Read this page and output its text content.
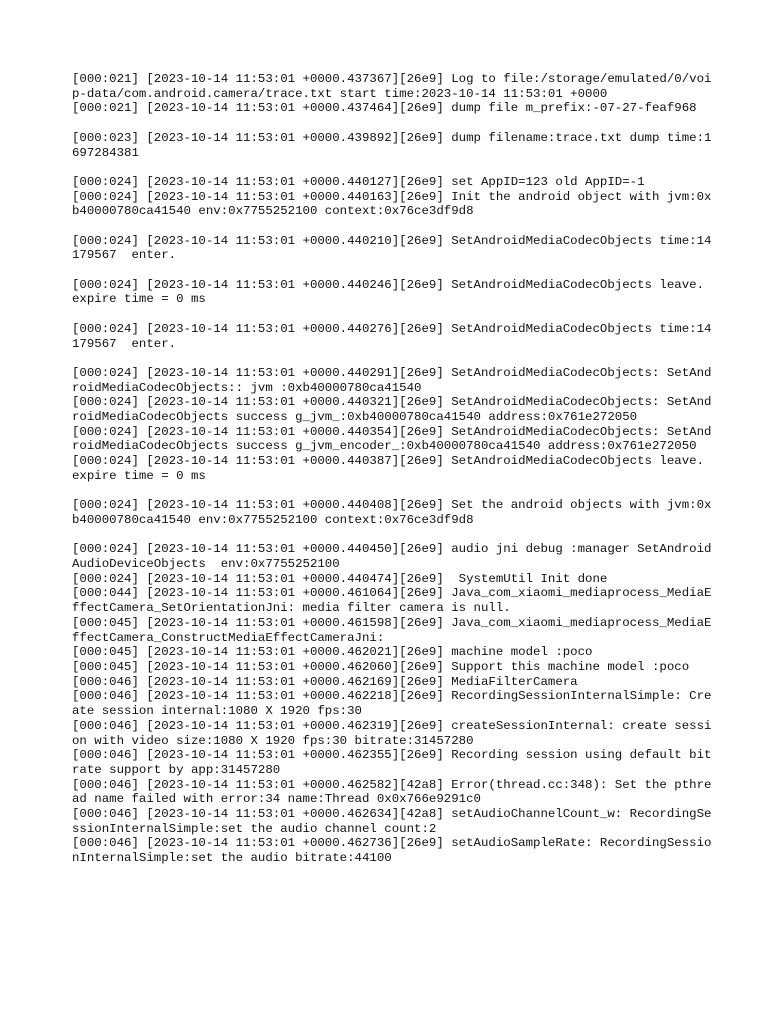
[000:021] [2023-10-14 11:53:01 +0000.437367][26e9] Log to file:/storage/emulated/0/voip-data/com.android.camera/trace.txt start time:2023-10-14 11:53:01 +0000
[000:021] [2023-10-14 11:53:01 +0000.437464][26e9] dump file m_prefix:-07-27-feaf968
[000:023] [2023-10-14 11:53:01 +0000.439892][26e9] dump filename:trace.txt dump time:1697284381
[000:024] [2023-10-14 11:53:01 +0000.440127][26e9] set AppID=123 old AppID=-1
[000:024] [2023-10-14 11:53:01 +0000.440163][26e9] Init the android object with jvm:0xb40000780ca41540 env:0x7755252100 context:0x76ce3df9d8
[000:024] [2023-10-14 11:53:01 +0000.440210][26e9] SetAndroidMediaCodecObjects time:14179567  enter.
[000:024] [2023-10-14 11:53:01 +0000.440246][26e9] SetAndroidMediaCodecObjects leave. expire time = 0 ms
[000:024] [2023-10-14 11:53:01 +0000.440276][26e9] SetAndroidMediaCodecObjects time:14179567  enter.
[000:024] [2023-10-14 11:53:01 +0000.440291][26e9] SetAndroidMediaCodecObjects: SetAndroidMediaCodecObjects:: jvm :0xb40000780ca41540
[000:024] [2023-10-14 11:53:01 +0000.440321][26e9] SetAndroidMediaCodecObjects: SetAndroidMediaCodecObjects success g_jvm_:0xb40000780ca41540 address:0x761e272050
[000:024] [2023-10-14 11:53:01 +0000.440354][26e9] SetAndroidMediaCodecObjects: SetAndroidMediaCodecObjects success g_jvm_encoder_:0xb40000780ca41540 address:0x761e272050
[000:024] [2023-10-14 11:53:01 +0000.440387][26e9] SetAndroidMediaCodecObjects leave. expire time = 0 ms
[000:024] [2023-10-14 11:53:01 +0000.440408][26e9] Set the android objects with jvm:0xb40000780ca41540 env:0x7755252100 context:0x76ce3df9d8
[000:024] [2023-10-14 11:53:01 +0000.440450][26e9] audio jni debug :manager SetAndroidAudioDeviceObjects  env:0x7755252100
[000:024] [2023-10-14 11:53:01 +0000.440474][26e9]  SystemUtil Init done
[000:044] [2023-10-14 11:53:01 +0000.461064][26e9] Java_com_xiaomi_mediaprocess_MediaEffectCamera_SetOrientationJni: media filter camera is null.
[000:045] [2023-10-14 11:53:01 +0000.461598][26e9] Java_com_xiaomi_mediaprocess_MediaEffectCamera_ConstructMediaEffectCameraJni:
[000:045] [2023-10-14 11:53:01 +0000.462021][26e9] machine model :poco
[000:045] [2023-10-14 11:53:01 +0000.462060][26e9] Support this machine model :poco
[000:046] [2023-10-14 11:53:01 +0000.462169][26e9] MediaFilterCamera
[000:046] [2023-10-14 11:53:01 +0000.462218][26e9] RecordingSessionInternalSimple: Create session internal:1080 X 1920 fps:30
[000:046] [2023-10-14 11:53:01 +0000.462319][26e9] createSessionInternal: create session with video size:1080 X 1920 fps:30 bitrate:31457280
[000:046] [2023-10-14 11:53:01 +0000.462355][26e9] Recording session using default bitrate support by app:31457280
[000:046] [2023-10-14 11:53:01 +0000.462582][42a8] Error(thread.cc:348): Set the pthread name failed with error:34 name:Thread 0x0x766e9291c0
[000:046] [2023-10-14 11:53:01 +0000.462634][42a8] setAudioChannelCount_w: RecordingSessionInternalSimple:set the audio channel count:2
[000:046] [2023-10-14 11:53:01 +0000.462736][26e9] setAudioSampleRate: RecordingSessionInternalSimple:set the audio bitrate:44100
